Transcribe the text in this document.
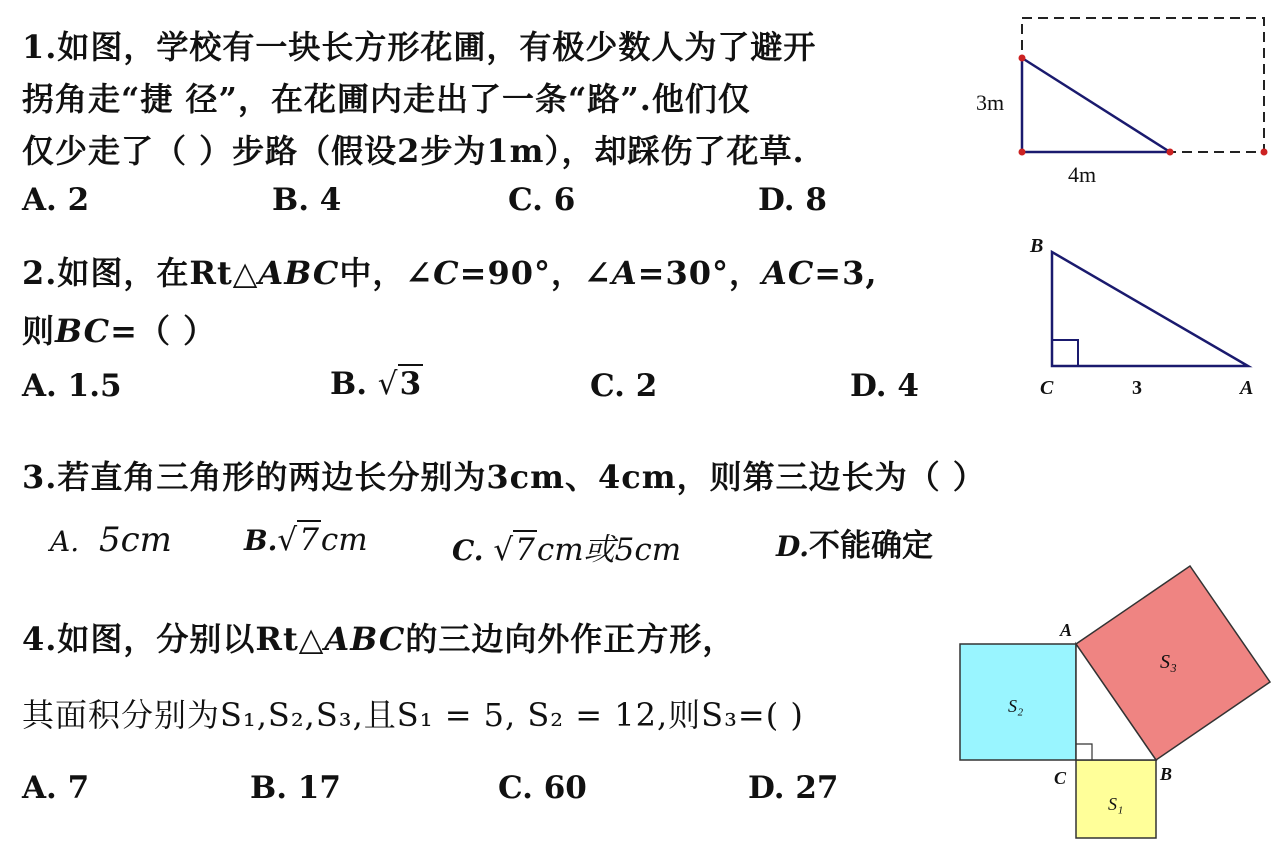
1.如图，学校有一块长方形花圃，有极少数人为了避开
拐角走“捷 径”，在花圃内走出了一条“路”.他们仅
仅少走了（ ）步路（假设2步为1m），却踩伤了花草.
A. 2	B. 4	C. 6	D. 8
3m
4m
2.如图，在Rt△ABC中，∠C=90°，∠A=30°，AC=3,
则BC=（ ）
A. 1.5	B. √3	C. 2	D. 4
B
C	A
3
3.若直角三角形的两边长分别为3cm、4cm，则第三边长为（ ）
A. 5cm	B.√7cm	C. √7cm或5cm	D.不能确定
4.如图，分别以Rt△ABC的三边向外作正方形，
其面积分别为S₁,S₂,S₃,且S₁ = 5, S₂ = 12,则S₃=( )
A. 7	B. 17	C. 60	D. 27
A
C	B
S₂
S₁
S₃
